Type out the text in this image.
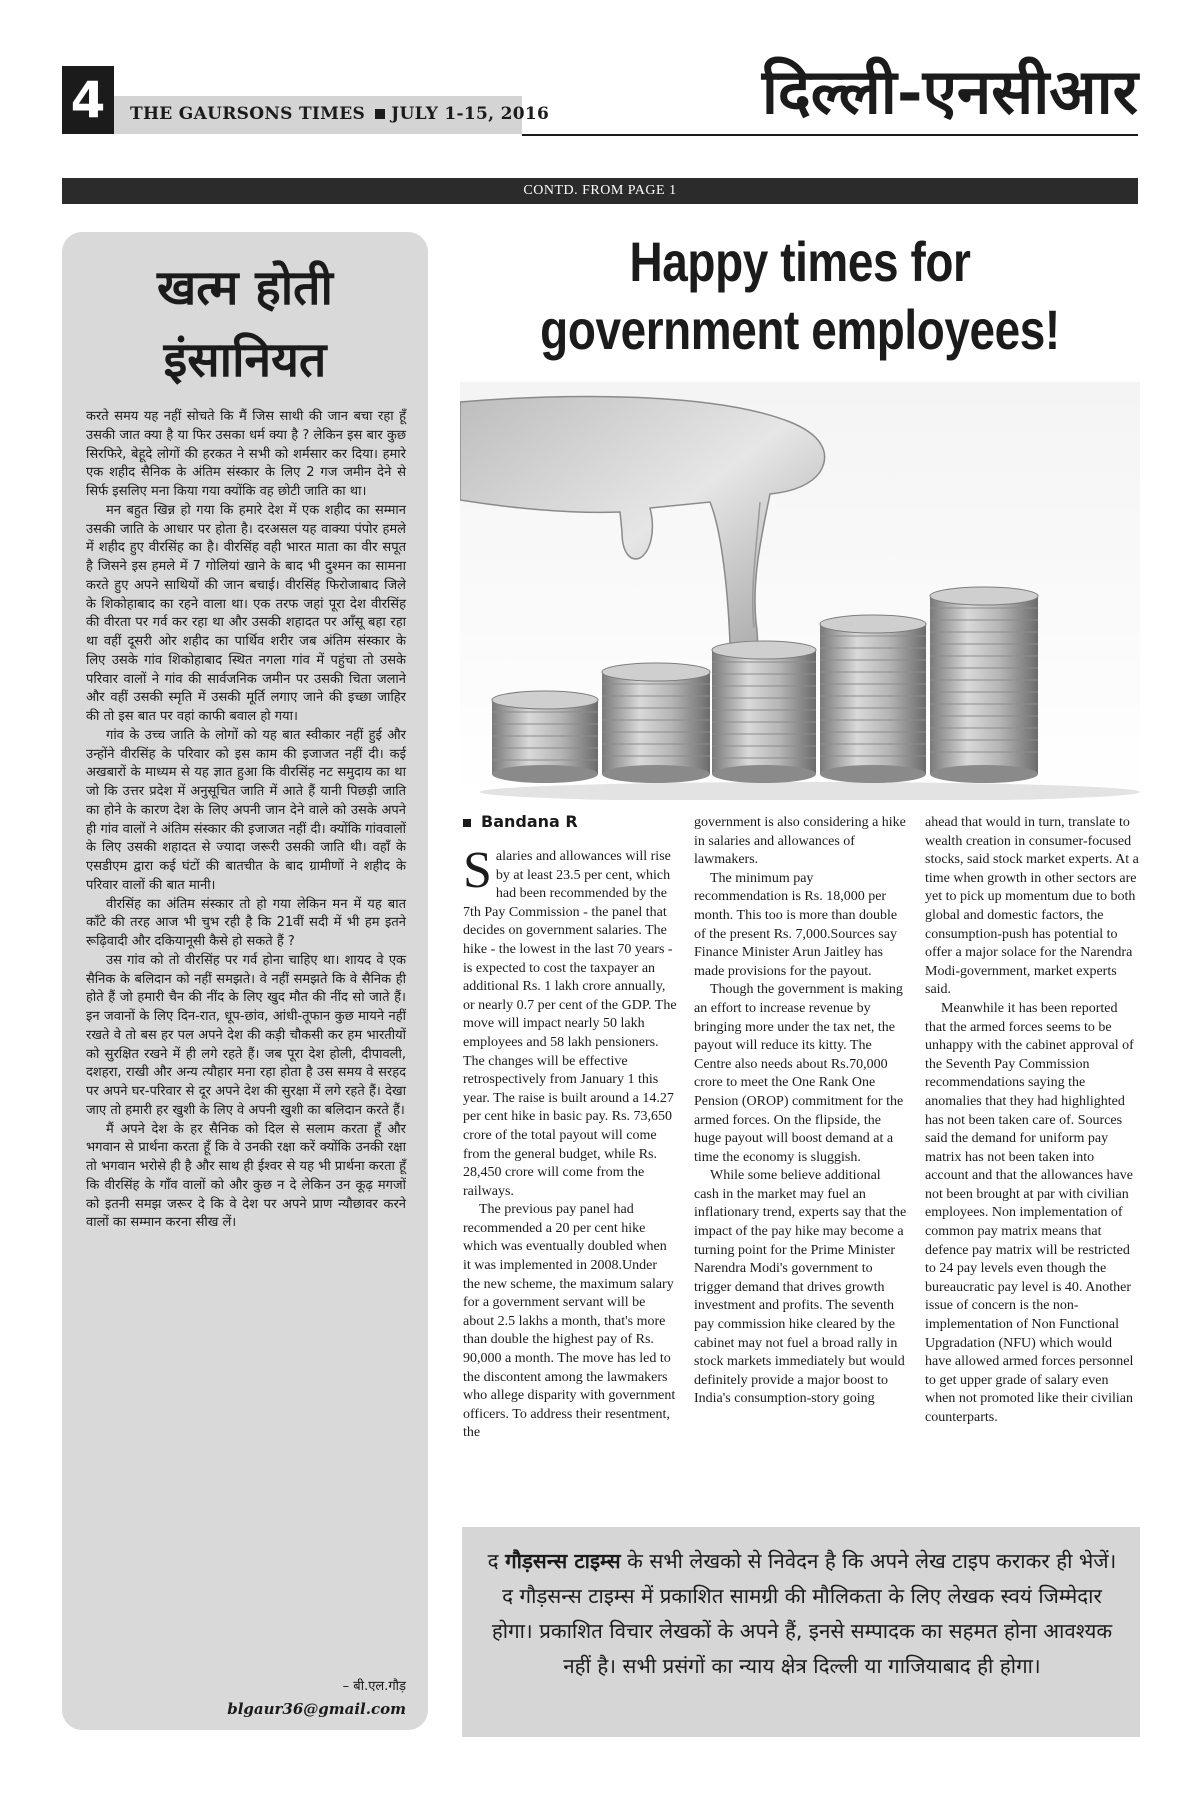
4	THE GAURSONS TIMES JULY 1-15, 2016	दिल्ली-एनसीआर
CONTD. FROM PAGE 1
खत्म होती
इंसानियत

करते समय यह नहीं सोचते कि मैं जिस साथी की जान बचा रहा हूँ उसकी जात क्या है या फिर उसका धर्म क्या है ? लेकिन इस बार कुछ सिरफिरे, बेहूदे लोगों की हरकत ने सभी को शर्मसार कर दिया। हमारे एक शहीद सैनिक के अंतिम संस्कार के लिए 2 गज जमीन देने से सिर्फ इसलिए मना किया गया क्योंकि वह छोटी जाति का था।

मन बहुत खिन्न हो गया कि हमारे देश में एक शहीद का सम्मान उसकी जाति के आधार पर होता है। दरअसल यह वाक्या पंपोर हमले में शहीद हुए वीरसिंह का है। वीरसिंह वही भारत माता का वीर सपूत है जिसने इस हमले में 7 गोलियां खाने के बाद भी दुश्मन का सामना करते हुए अपने साथियों की जान बचाई। वीरसिंह फिरोजाबाद जिले के शिकोहाबाद का रहने वाला था। एक तरफ जहां पूरा देश वीरसिंह की वीरता पर गर्व कर रहा था और उसकी शहादत पर आँसू बहा रहा था वहीं दूसरी ओर शहीद का पार्थिव शरीर जब अंतिम संस्कार के लिए उसके गांव शिकोहाबाद स्थित नगला गांव में पहुंचा तो उसके परिवार वालों ने गांव की सार्वजनिक जमीन पर उसकी चिता जलाने और वहीं उसकी स्मृति में उसकी मूर्ति लगाए जाने की इच्छा जाहिर की तो इस बात पर वहां काफी बवाल हो गया।

गांव के उच्च जाति के लोगों को यह बात स्वीकार नहीं हुई और उन्होंने वीरसिंह के परिवार को इस काम की इजाजत नहीं दी। कई अखबारों के माध्यम से यह ज्ञात हुआ कि वीरसिंह नट समुदाय का था जो कि उत्तर प्रदेश में अनुसूचित जाति में आते हैं यानी पिछड़ी जाति का होने के कारण देश के लिए अपनी जान देने वाले को उसके अपने ही गांव वालों ने अंतिम संस्कार की इजाजत नहीं दी। क्योंकि गांववालों के लिए उसकी शहादत से ज्यादा जरूरी उसकी जाति थी। वहाँ के एसडीएम द्वारा कई घंटों की बातचीत के बाद ग्रामीणों ने शहीद के परिवार वालों की बात मानी।

वीरसिंह का अंतिम संस्कार तो हो गया लेकिन मन में यह बात काँटे की तरह आज भी चुभ रही है कि 21वीं सदी में भी हम इतने रूढ़िवादी और दकियानूसी कैसे हो सकते हैं ?

उस गांव को तो वीरसिंह पर गर्व होना चाहिए था। शायद वे एक सैनिक के बलिदान को नहीं समझते। वे नहीं समझते कि वे सैनिक ही होते हैं जो हमारी चैन की नींद के लिए खुद मौत की नींद सो जाते हैं। इन जवानों के लिए दिन-रात, धूप-छांव, आंधी-तूफान कुछ मायने नहीं रखते वे तो बस हर पल अपने देश की कड़ी चौकसी कर हम भारतीयों को सुरक्षित रखने में ही लगे रहते हैं। जब पूरा देश होली, दीपावली, दशहरा, राखी और अन्य त्यौहार मना रहा होता है उस समय वे सरहद पर अपने घर-परिवार से दूर अपने देश की सुरक्षा में लगे रहते हैं। देखा जाए तो हमारी हर खुशी के लिए वे अपनी खुशी का बलिदान करते हैं।

मैं अपने देश के हर सैनिक को दिल से सलाम करता हूँ और भगवान से प्रार्थना करता हूँ कि वे उनकी रक्षा करें क्योंकि उनकी रक्षा तो भगवान भरोसे ही है और साथ ही ईश्वर से यह भी प्रार्थना करता हूँ कि वीरसिंह के गाँव वालों को और कुछ न दे लेकिन उन कूढ़ मगजों को इतनी समझ जरूर दे कि वे देश पर अपने प्राण न्यौछावर करने वालों का सम्मान करना सीख लें।

– बी.एल.गौड़
blgaur36@gmail.com
Happy times for
government employees!
Bandana R
S alaries and allowances will rise by at least 23.5 per cent, which had been recommended by the 7th Pay Commission - the panel that decides on government salaries. The hike - the lowest in the last 70 years - is expected to cost the taxpayer an additional Rs. 1 lakh crore annually, or nearly 0.7 per cent of the GDP. The move will impact nearly 50 lakh employees and 58 lakh pensioners. The changes will be effective retrospectively from January 1 this year. The raise is built around a 14.27 per cent hike in basic pay. Rs. 73,650 crore of the total payout will come from the general budget, while Rs. 28,450 crore will come from the railways.

The previous pay panel had recommended a 20 per cent hike which was eventually doubled when it was implemented in 2008.Under the new scheme, the maximum salary for a government servant will be about 2.5 lakhs a month, that's more than double the highest pay of Rs. 90,000 a month. The move has led to the discontent among the lawmakers who allege disparity with government officers. To address their resentment, the

government is also considering a hike in salaries and allowances of lawmakers.

The minimum pay recommendation is Rs. 18,000 per month. This too is more than double of the present Rs. 7,000.Sources say Finance Minister Arun Jaitley has made provisions for the payout.

Though the government is making an effort to increase revenue by bringing more under the tax net, the payout will reduce its kitty. The Centre also needs about Rs.70,000 crore to meet the One Rank One Pension (OROP) commitment for the armed forces. On the flipside, the huge payout will boost demand at a time the economy is sluggish.

While some believe additional cash in the market may fuel an inflationary trend, experts say that the impact of the pay hike may become a turning point for the Prime Minister Narendra Modi's government to trigger demand that drives growth investment and profits. The seventh pay commission hike cleared by the cabinet may not fuel a broad rally in stock markets immediately but would definitely provide a major boost to India's consumption-story going

ahead that would in turn, translate to wealth creation in consumer-focused stocks, said stock market experts. At a time when growth in other sectors are yet to pick up momentum due to both global and domestic factors, the consumption-push has potential to offer a major solace for the Narendra Modi-government, market experts said.

Meanwhile it has been reported that the armed forces seems to be unhappy with the cabinet approval of the Seventh Pay Commission recommendations saying the anomalies that they had highlighted has not been taken care of. Sources said the demand for uniform pay matrix has not been taken into account and that the allowances have not been brought at par with civilian employees. Non implementation of common pay matrix means that defence pay matrix will be restricted to 24 pay levels even though the bureaucratic pay level is 40. Another issue of concern is the non-implementation of Non Functional Upgradation (NFU) which would have allowed armed forces personnel to get upper grade of salary even when not promoted like their civilian counterparts.

द गौड़सन्स टाइम्स के सभी लेखको से निवेदन है कि अपने लेख टाइप कराकर ही भेजें। द गौड़सन्स टाइम्स में प्रकाशित सामग्री की मौलिकता के लिए लेखक स्वयं जिम्मेदार होगा। प्रकाशित विचार लेखकों के अपने हैं, इनसे सम्पादक का सहमत होना आवश्यक नहीं है। सभी प्रसंगों का न्याय क्षेत्र दिल्ली या गाजियाबाद ही होगा।
